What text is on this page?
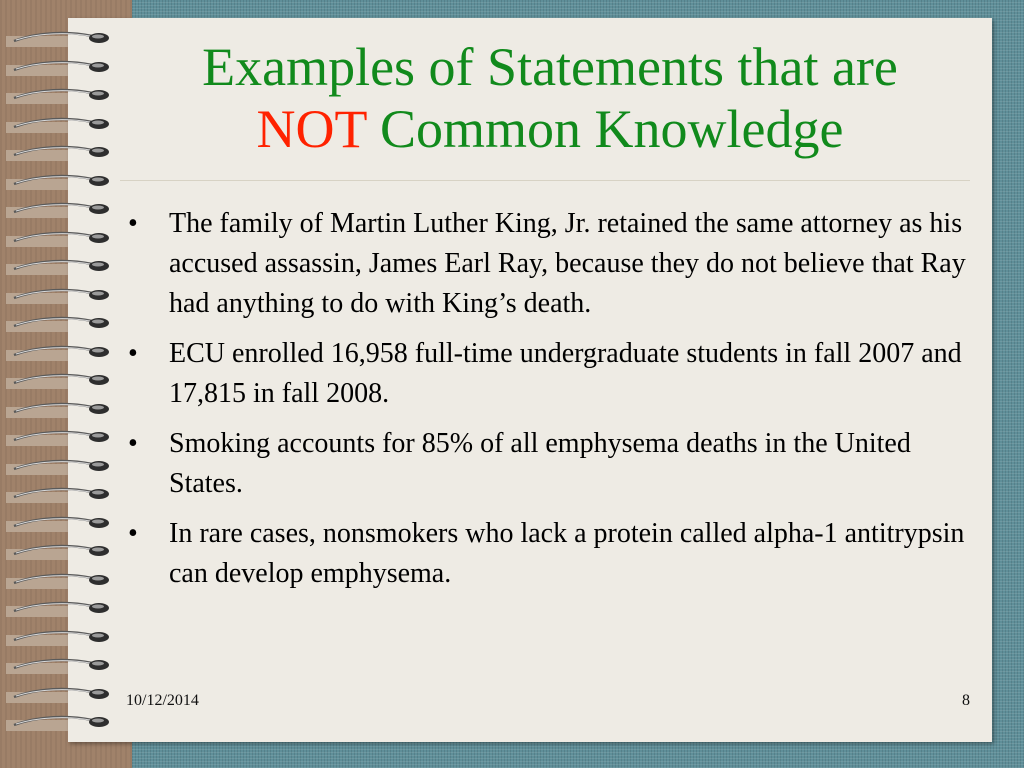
Examples of Statements that are
NOT Common Knowledge
• The family of Martin Luther King, Jr. retained the same attorney as his accused assassin, James Earl Ray, because they do not believe that Ray had anything to do with King’s death.
• ECU enrolled 16,958 full-time undergraduate students in fall 2007 and 17,815 in fall 2008.
• Smoking accounts for 85% of all emphysema deaths in the United States.
• In rare cases, nonsmokers who lack a protein called alpha-1 antitrypsin can develop emphysema.
10/12/2014	8
